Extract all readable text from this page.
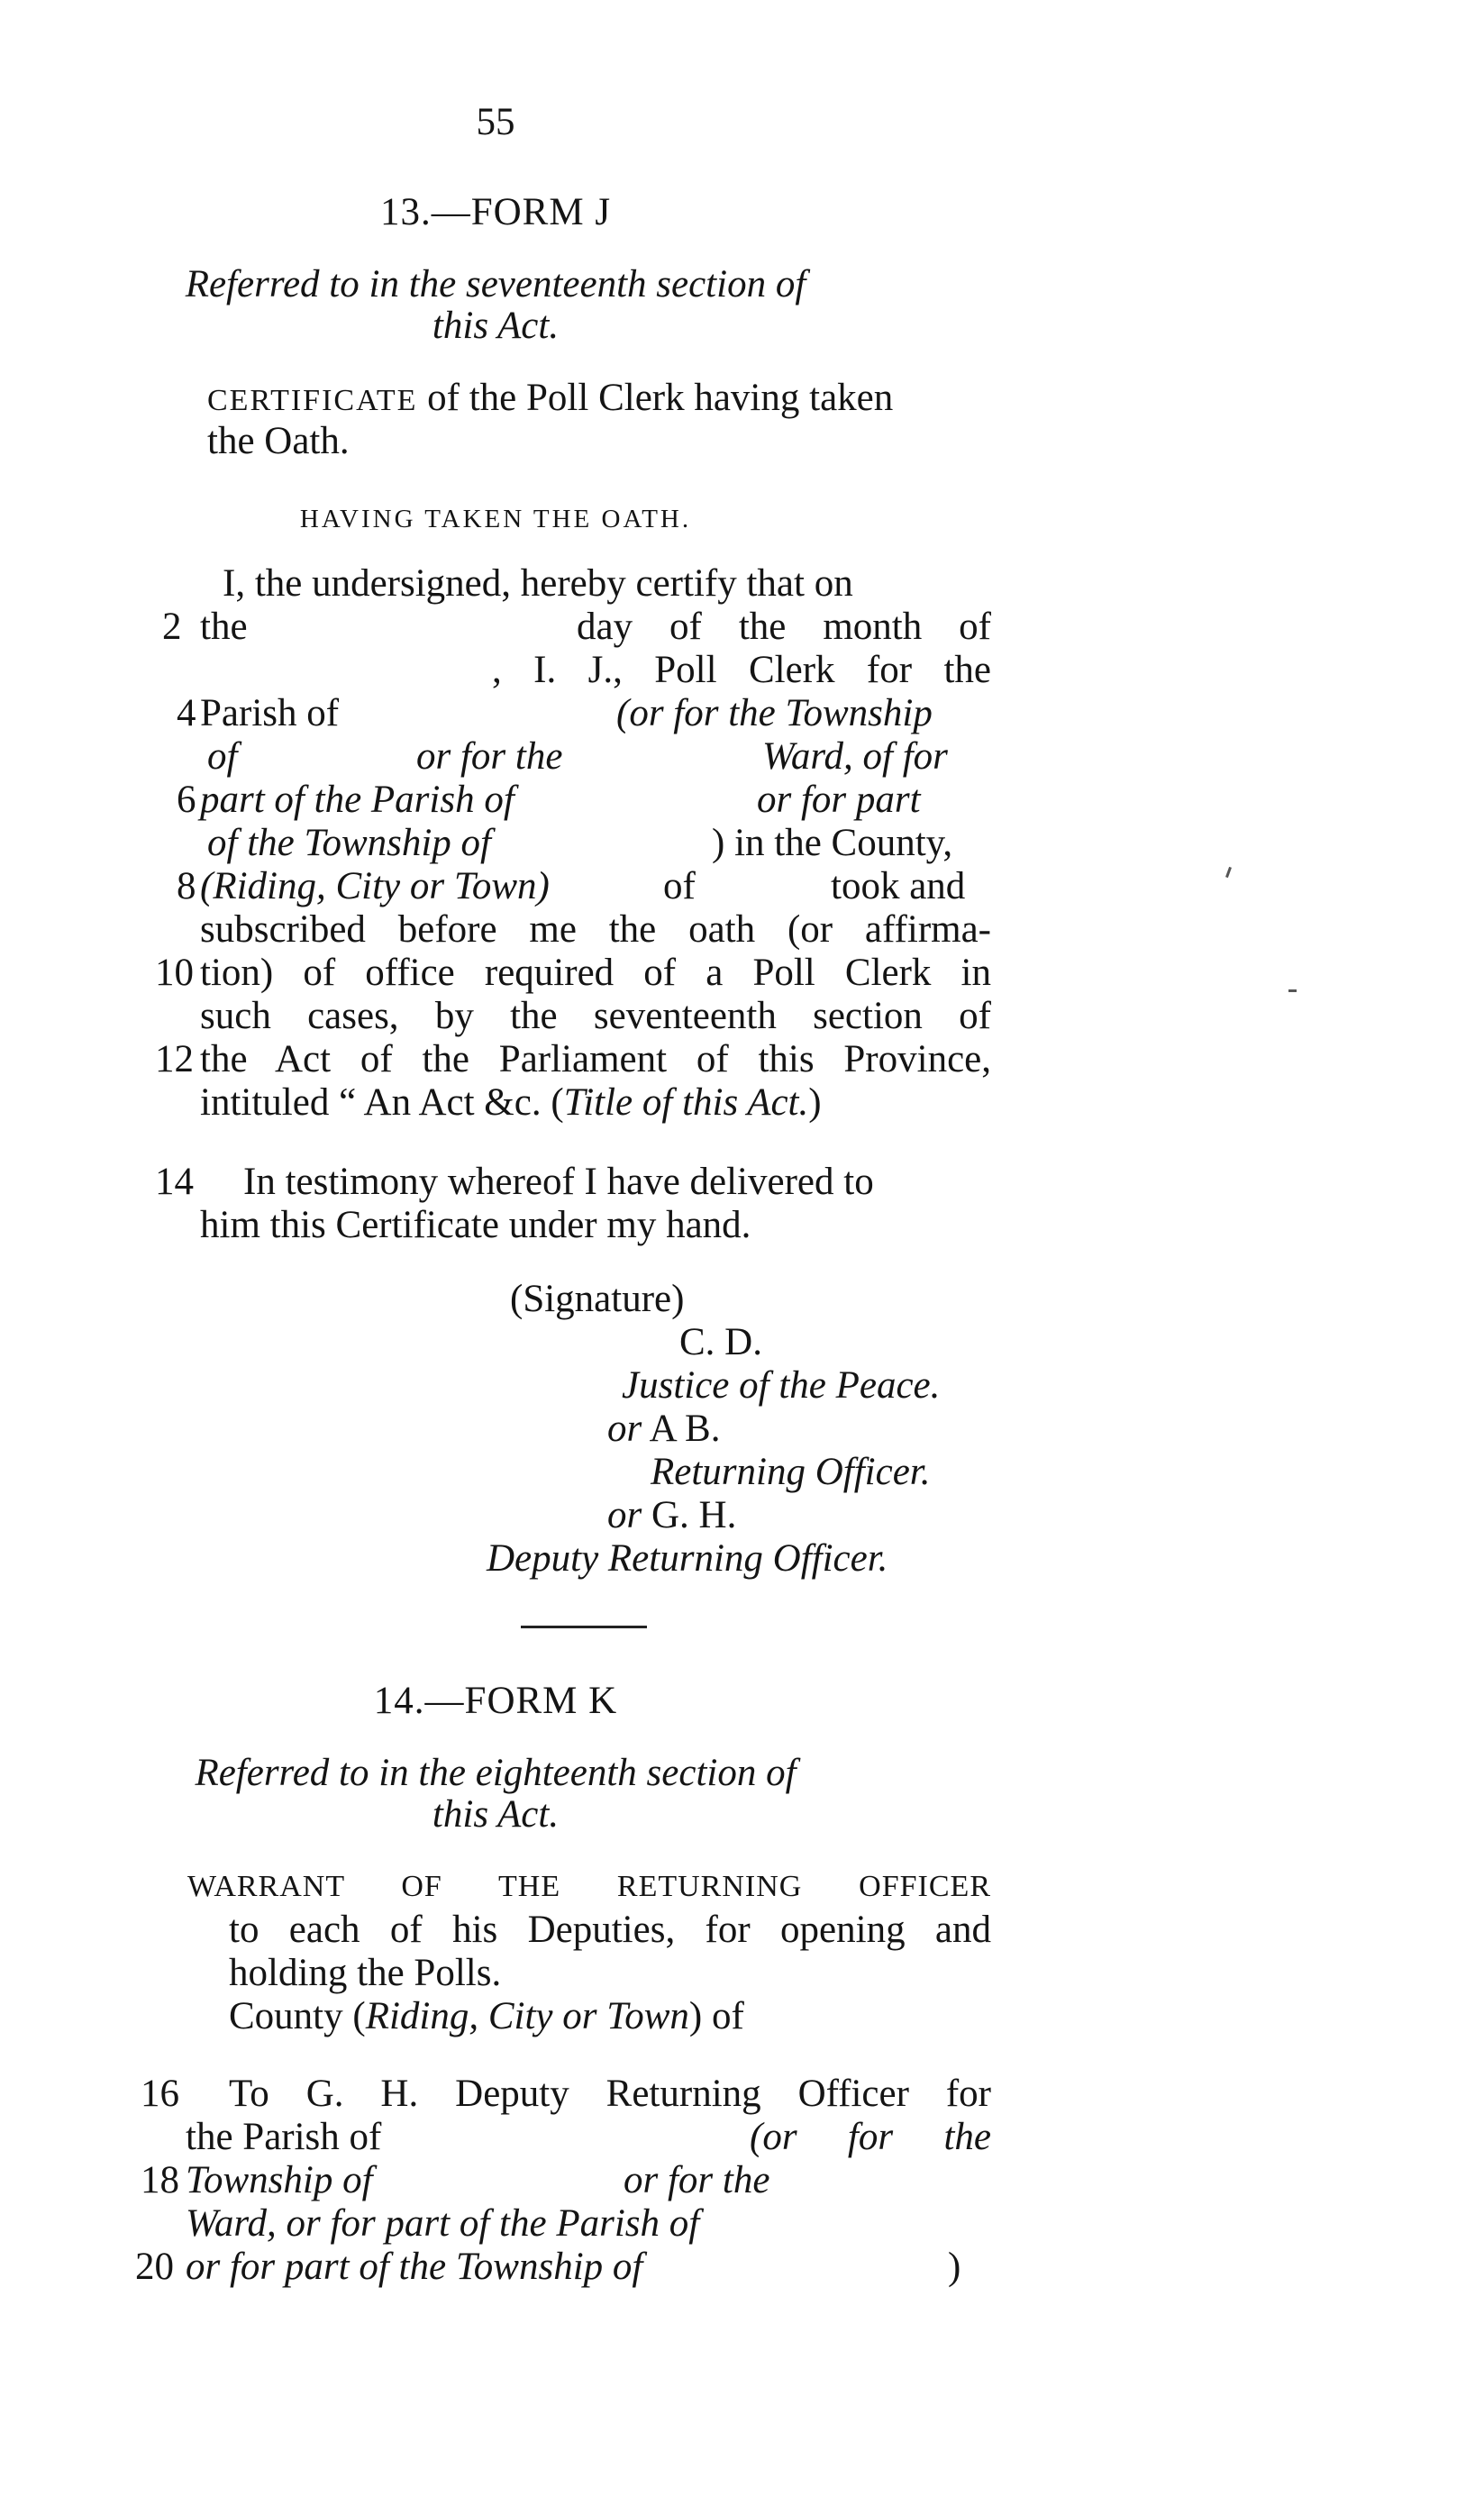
55
13.—FORM J
Referred to in the seventeenth section of
this Act.
CERTIFICATE of the Poll Clerk having taken
the Oath.
HAVING TAKEN THE OATH.
I, the undersigned, hereby certify that on
the	day of the month of
, I. J., Poll Clerk for the
Parish of	(or for the Township
of	or for the	Ward, of for
part of the Parish of	or for part
of the Township of	) in the County,
(Riding, City or Town)	of	took and
subscribed before me the oath (or affirma-
tion) of office required of a Poll Clerk in
such cases, by the seventeenth section of
the Act of the Parliament of this Province,
intituled “ An Act &c. (Title of this Act.)
In testimony whereof I have delivered to
him this Certificate under my hand.
(Signature)
C. D.
Justice of the Peace.
or A B.
Returning Officer.
or G. H.
Deputy Returning Officer.
14.—FORM K
Referred to in the eighteenth section of
this Act.
WARRANT OF THE RETURNING OFFICER
to each of his Deputies, for opening and
holding the Polls.
County (Riding, City or Town) of
To G. H. Deputy Returning Officer for
the Parish of	(or for the
Township of	or for the
Ward, or for part of the Parish of
or for part of the Township of	)
2
4
6
8
10
12
14
16
18
20
